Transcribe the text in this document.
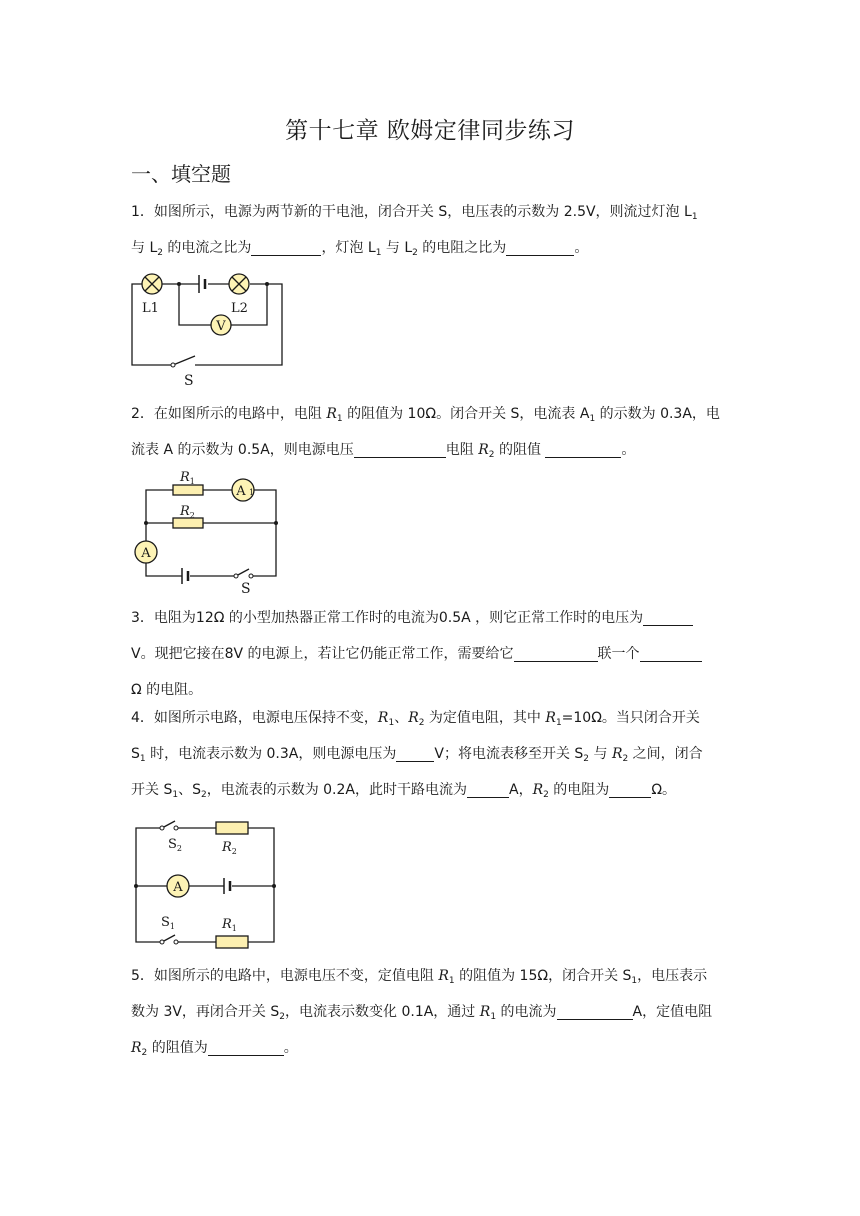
第十七章 欧姆定律同步练习
一、填空题

1．如图所示，电源为两节新的干电池，闭合开关 S，电压表的示数为 2.5V，则流过灯泡 $L_1$
与 $L_2$ 的电流之比为	，灯泡 $L_1$ 与 $L_2$ 的电阻之比为	。

V
L1	L2
S

2．在如图所示的电路中，电阻 $R_1$ 的阻值为 10Ω。闭合开关 S，电流表 $A_1$ 的示数为 0.3A，电
流表 A 的示数为 0.5A，则电源电压	电阻 $R_2$ 的阻值	。

A 1
A
$R_1$
$R_2$
S

3．电阻为12Ω 的小型加热器正常工作时的电流为0.5A ，则它正常工作时的电压为
V。现把它接在8V 的电源上，若让它仍能正常工作，需要给它	联一个
Ω 的电阻。

4．如图所示电路，电源电压保持不变，$R_1$、$R_2$ 为定值电阻，其中 $R_1=10\Omega$。当只闭合开关
$S_1$ 时，电流表示数为 0.3A，则电源电压为	V；将电流表移至开关 $S_2$ 与 $R_2$ 之间，闭合
开关 $S_1$、$S_2$，电流表的示数为 0.2A，此时干路电流为	A，$R_2$ 的电阻为	Ω。

A
$S_2$	$R_2$
$S_1$	$R_1$

5．如图所示的电路中，电源电压不变，定值电阻 $R_1$ 的阻值为 15Ω，闭合开关 $S_1$，电压表示
数为 3V，再闭合开关 $S_2$，电流表示数变化 0.1A，通过 $R_1$ 的电流为	A，定值电阻
$R_2$ 的阻值为	。
